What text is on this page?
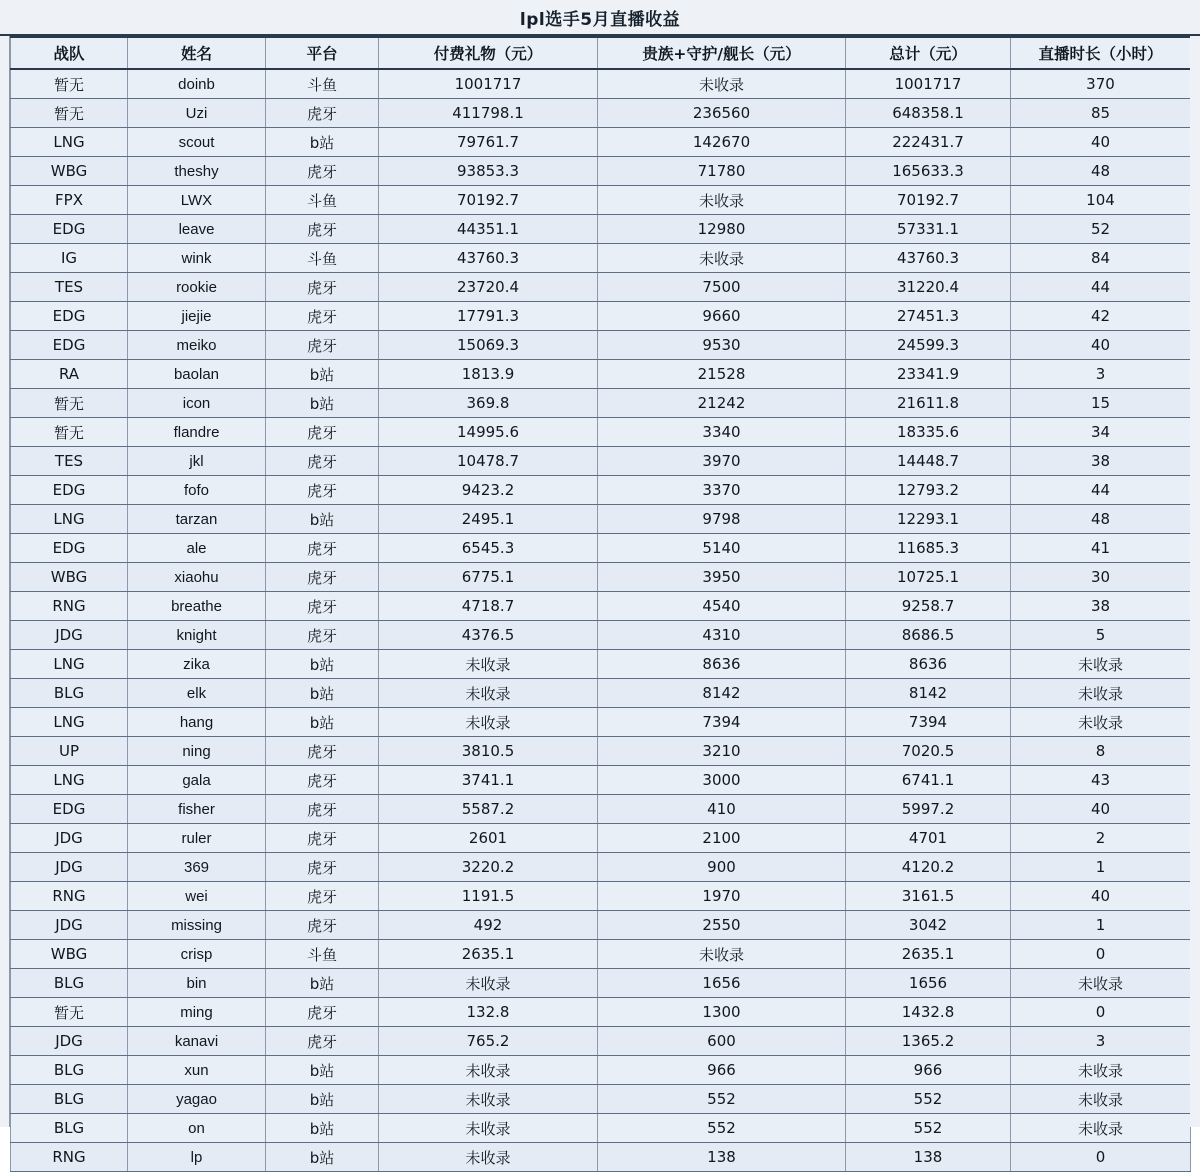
lpl选手5月直播收益
战队	姓名	平台	付费礼物（元）	贵族+守护/舰长（元）	总计（元）	直播时长（小时）
暂无	doinb	斗鱼	1001717	未收录	1001717	370
暂无	Uzi	虎牙	411798.1	236560	648358.1	85
LNG	scout	b站	79761.7	142670	222431.7	40
WBG	theshy	虎牙	93853.3	71780	165633.3	48
FPX	LWX	斗鱼	70192.7	未收录	70192.7	104
EDG	leave	虎牙	44351.1	12980	57331.1	52
IG	wink	斗鱼	43760.3	未收录	43760.3	84
TES	rookie	虎牙	23720.4	7500	31220.4	44
EDG	jiejie	虎牙	17791.3	9660	27451.3	42
EDG	meiko	虎牙	15069.3	9530	24599.3	40
RA	baolan	b站	1813.9	21528	23341.9	3
暂无	icon	b站	369.8	21242	21611.8	15
暂无	flandre	虎牙	14995.6	3340	18335.6	34
TES	jkl	虎牙	10478.7	3970	14448.7	38
EDG	fofo	虎牙	9423.2	3370	12793.2	44
LNG	tarzan	b站	2495.1	9798	12293.1	48
EDG	ale	虎牙	6545.3	5140	11685.3	41
WBG	xiaohu	虎牙	6775.1	3950	10725.1	30
RNG	breathe	虎牙	4718.7	4540	9258.7	38
JDG	knight	虎牙	4376.5	4310	8686.5	5
LNG	zika	b站	未收录	8636	8636	未收录
BLG	elk	b站	未收录	8142	8142	未收录
LNG	hang	b站	未收录	7394	7394	未收录
UP	ning	虎牙	3810.5	3210	7020.5	8
LNG	gala	虎牙	3741.1	3000	6741.1	43
EDG	fisher	虎牙	5587.2	410	5997.2	40
JDG	ruler	虎牙	2601	2100	4701	2
JDG	369	虎牙	3220.2	900	4120.2	1
RNG	wei	虎牙	1191.5	1970	3161.5	40
JDG	missing	虎牙	492	2550	3042	1
WBG	crisp	斗鱼	2635.1	未收录	2635.1	0
BLG	bin	b站	未收录	1656	1656	未收录
暂无	ming	虎牙	132.8	1300	1432.8	0
JDG	kanavi	虎牙	765.2	600	1365.2	3
BLG	xun	b站	未收录	966	966	未收录
BLG	yagao	b站	未收录	552	552	未收录
BLG	on	b站	未收录	552	552	未收录
RNG	lp	b站	未收录	138	138	0
